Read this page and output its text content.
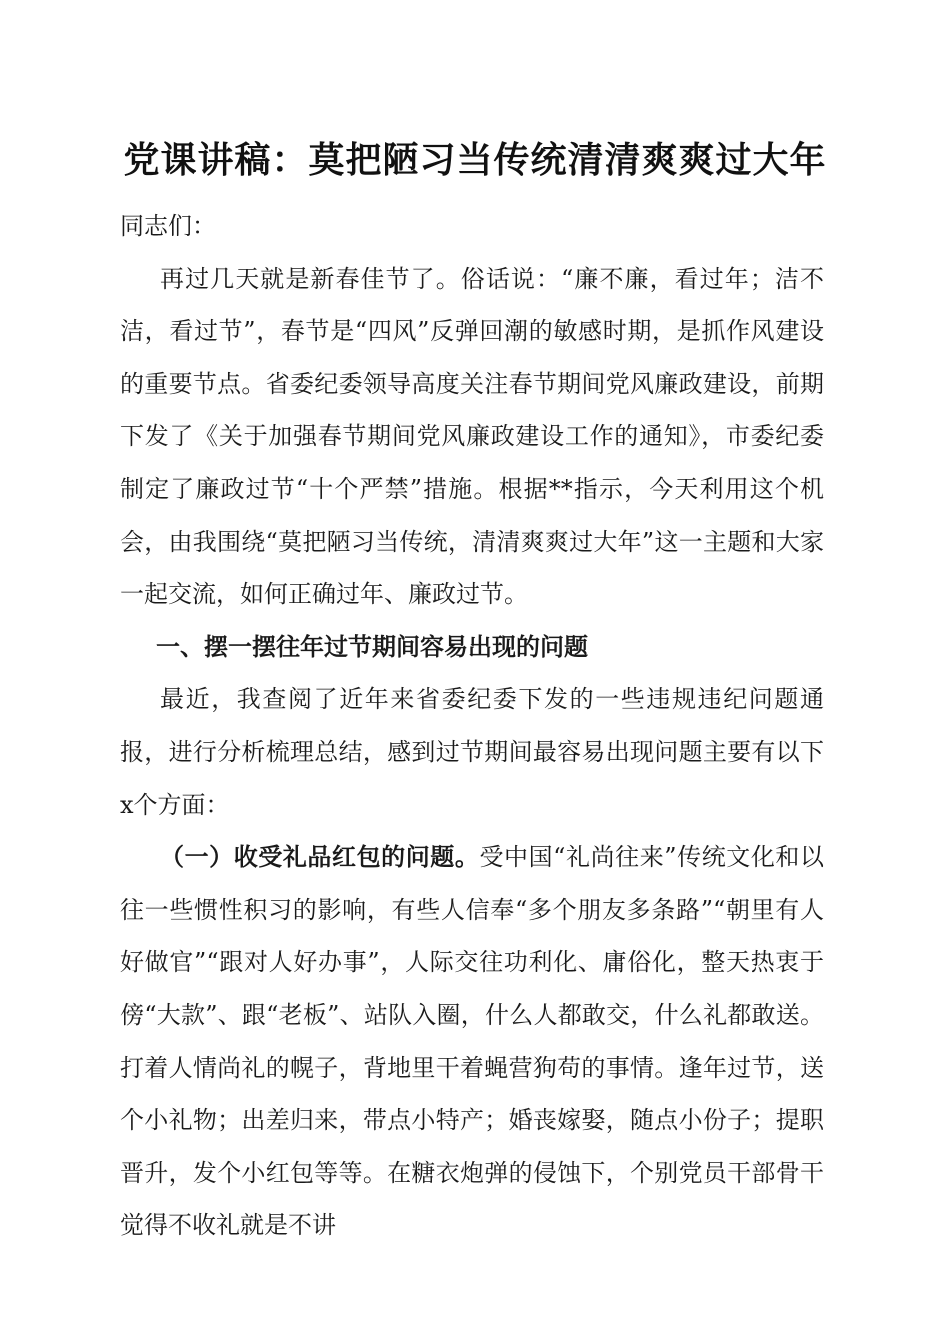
党课讲稿：莫把陋习当传统清清爽爽过大年

同志们：

再过几天就是新春佳节了。俗话说：“廉不廉，看过年；洁不洁，看过节”，春节是“四风”反弹回潮的敏感时期，是抓作风建设的重要节点。省委纪委领导高度关注春节期间党风廉政建设，前期下发了《关于加强春节期间党风廉政建设工作的通知》，市委纪委制定了廉政过节“十个严禁”措施。根据**指示，今天利用这个机会，由我围绕“莫把陋习当传统，清清爽爽过大年”这一主题和大家一起交流，如何正确过年、廉政过节。

一、摆一摆往年过节期间容易出现的问题

最近，我查阅了近年来省委纪委下发的一些违规违纪问题通报，进行分析梳理总结，感到过节期间最容易出现问题主要有以下x个方面：

（一）收受礼品红包的问题。受中国“礼尚往来”传统文化和以往一些惯性积习的影响，有些人信奉“多个朋友多条路”“朝里有人好做官”“跟对人好办事”，人际交往功利化、庸俗化，整天热衷于傍“大款”、跟“老板”、站队入圈，什么人都敢交，什么礼都敢送。打着人情尚礼的幌子，背地里干着蝇营狗苟的事情。逢年过节，送个小礼物；出差归来，带点小特产；婚丧嫁娶，随点小份子；提职晋升，发个小红包等等。在糖衣炮弹的侵蚀下，个别党员干部骨干觉得不收礼就是不讲
